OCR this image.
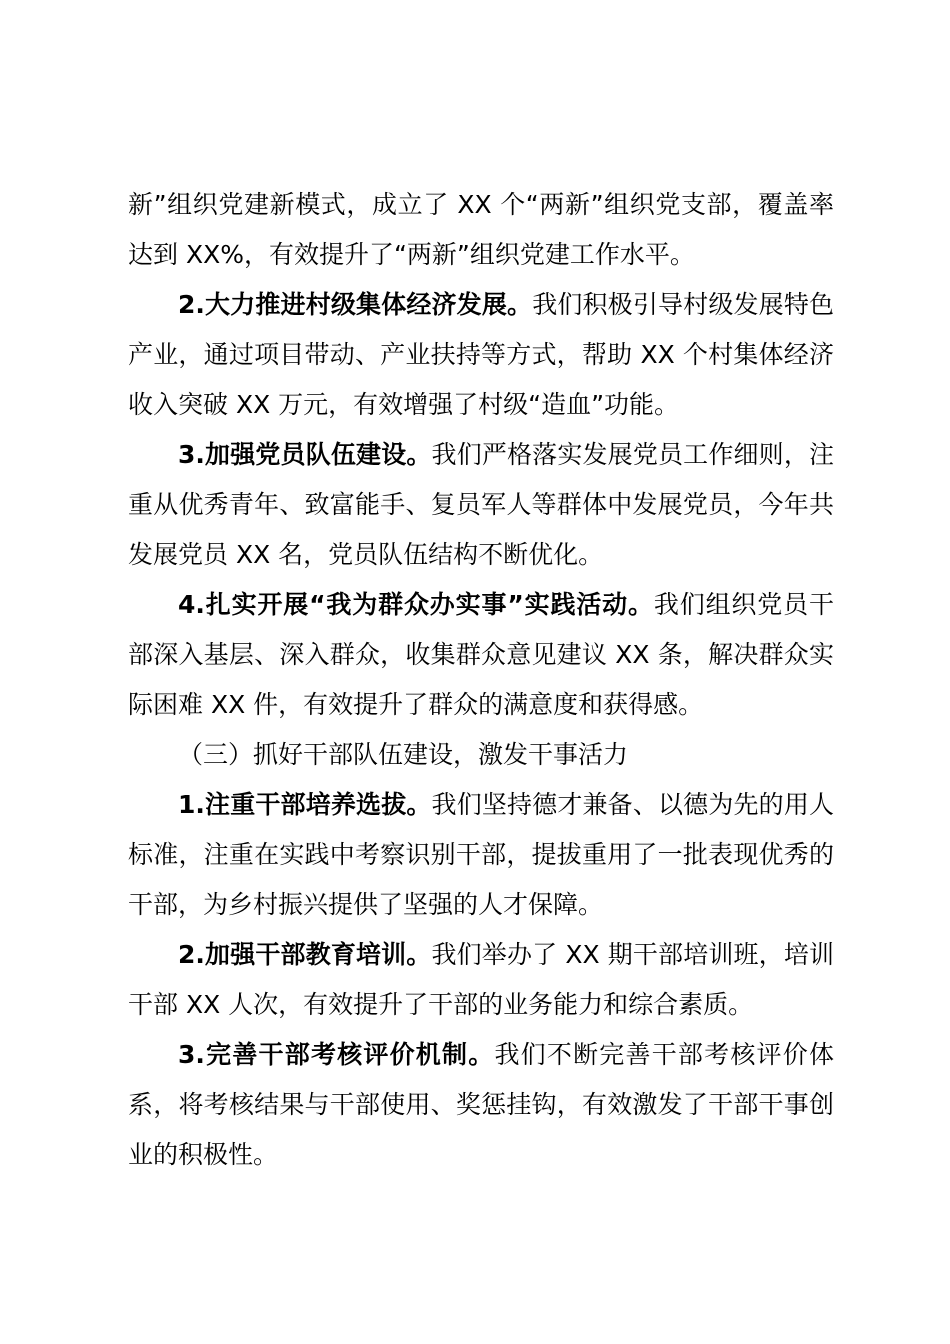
新”组织党建新模式，成立了 XX 个“两新”组织党支部，覆盖率达到 XX%，有效提升了“两新”组织党建工作水平。

2.大力推进村级集体经济发展。我们积极引导村级发展特色产业，通过项目带动、产业扶持等方式，帮助 XX 个村集体经济收入突破 XX 万元，有效增强了村级“造血”功能。

3.加强党员队伍建设。我们严格落实发展党员工作细则，注重从优秀青年、致富能手、复员军人等群体中发展党员，今年共发展党员 XX 名，党员队伍结构不断优化。

4.扎实开展“我为群众办实事”实践活动。我们组织党员干部深入基层、深入群众，收集群众意见建议 XX 条，解决群众实际困难 XX 件，有效提升了群众的满意度和获得感。

（三）抓好干部队伍建设，激发干事活力

1.注重干部培养选拔。我们坚持德才兼备、以德为先的用人标准，注重在实践中考察识别干部，提拔重用了一批表现优秀的干部，为乡村振兴提供了坚强的人才保障。

2.加强干部教育培训。我们举办了 XX 期干部培训班，培训干部 XX 人次，有效提升了干部的业务能力和综合素质。

3.完善干部考核评价机制。我们不断完善干部考核评价体系，将考核结果与干部使用、奖惩挂钩，有效激发了干部干事创业的积极性。
